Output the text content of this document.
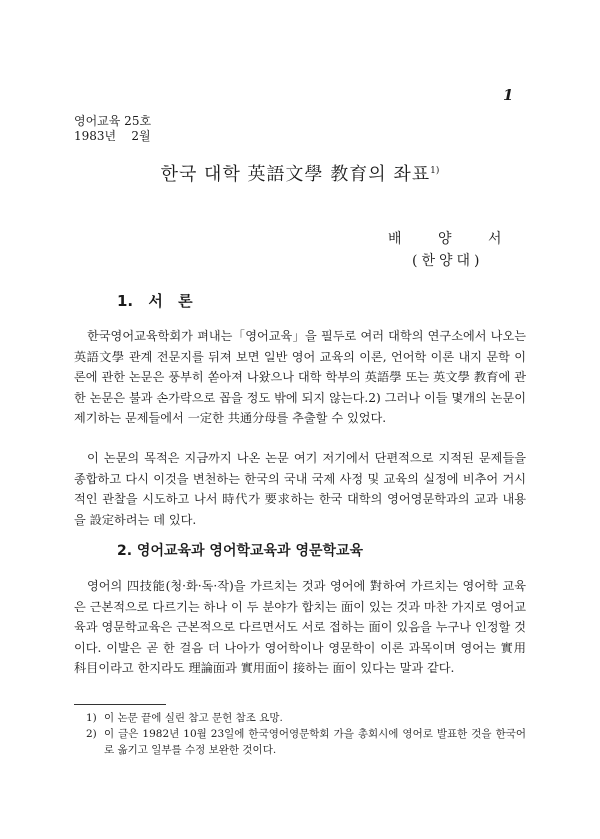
1
영어교육 25호
1983년    2월
한국 대학 英語文學 教育의 좌표$^{1)}$
배 양 서
(한양대)
1. 서 론
한국영어교육학회가 펴내는「영어교육」을 필두로 여러 대학의 연구소에서 나오는 英語文學 관계 전문지를 뒤져 보면 일반 영어 교육의 이론, 언어학 이론 내지 문학 이론에 관한 논문은 풍부히 쏟아져 나왔으나 대학 학부의 英語學 또는 英文學 教育에 관한 논문은 불과 손가락으로 꼽을 정도 밖에 되지 않는다.2) 그러나 이들 몇개의 논문이 제기하는 문제들에서 一定한 共通分母를 추출할 수 있었다.
이 논문의 목적은 지금까지 나온 논문 여기 저기에서 단편적으로 지적된 문제들을 종합하고 다시 이것을 변천하는 한국의 국내 국제 사정 및 교육의 실정에 비추어 거시적인 관찰을 시도하고 나서 時代가 要求하는 한국 대학의 영어영문학과의 교과 내용을 設定하려는 데 있다.
2. 영어교육과 영어학교육과 영문학교육
영어의 四技能(청·화·독·작)을 가르치는 것과 영어에 對하여 가르치는 영어학 교육은 근본적으로 다르기는 하나 이 두 분야가 합치는 面이 있는 것과 마찬 가지로 영어교육과 영문학교육은 근본적으로 다르면서도 서로 접하는 面이 있음을 누구나 인정할 것이다. 이발은 곧 한 걸음 더 나아가 영어학이나 영문학이 이론 과목이며 영어는 實用 科目이라고 한지라도 理論面과 實用面이 接하는 面이 있다는 말과 같다.
1) 이 논문 끝에 실린 참고 문헌 참조 요망.
2) 이 글은 1982년 10월 23일에 한국영어영문학회 가을 총회시에 영어로 발표한 것을 한국어로 옮기고 일부를 수정 보완한 것이다.
